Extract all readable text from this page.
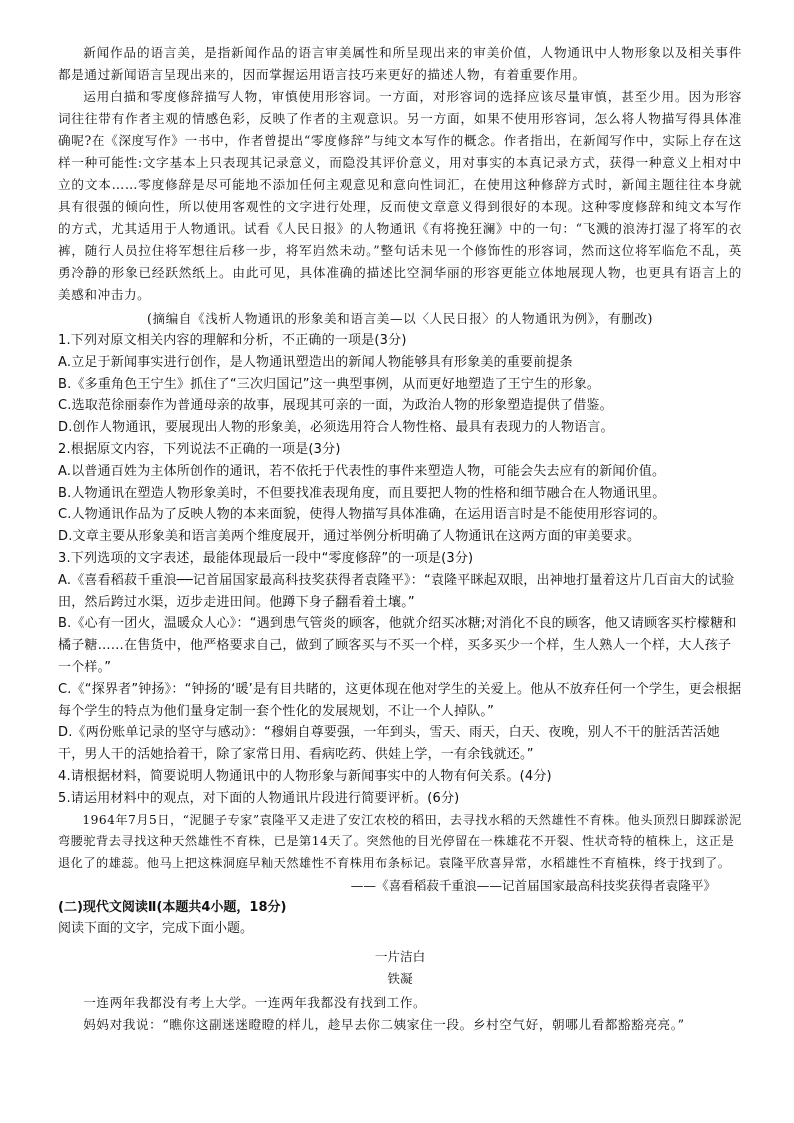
新闻作品的语言美，是指新闻作品的语言审美属性和所呈现出来的审美价值，人物通讯中人物形象以及相关事件都是通过新闻语言呈现出来的，因而掌握运用语言技巧来更好的描述人物，有着重要作用。

运用白描和零度修辞描写人物，审慎使用形容词。一方面，对形容词的选择应该尽量审慎，甚至少用。因为形容词往往带有作者主观的情感色彩，反映了作者的主观意识。另一方面，如果不使用形容词，怎么将人物描写得具体准确呢?在《深度写作》一书中，作者曾提出“零度修辞”与纯文本写作的概念。作者指出，在新闻写作中，实际上存在这样一种可能性:文字基本上只表现其记录意义，而隐没其评价意义，用对事实的本真记录方式，获得一种意义上相对中立的文本……零度修辞是尽可能地不添加任何主观意见和意向性词汇，在使用这种修辞方式时，新闻主题往往本身就具有很强的倾向性，所以使用客观性的文字进行处理，反而使文章意义得到很好的本现。这种零度修辞和纯文本写作的方式，尤其适用于人物通讯。试看《人民日报》的人物通讯《有将挽狂澜》中的一句：“飞溅的浪涛打湿了将军的衣裤，随行人员拉住将军想往后移一步，将军岿然未动。”整句话未见一个修饰性的形容词，然而这位将军临危不乱，英勇冷静的形象已经跃然纸上。由此可见，具体准确的描述比空洞华丽的形容更能立体地展现人物，也更具有语言上的美感和冲击力。

(摘编自《浅析人物通讯的形象美和语言美—以〈人民日报〉的人物通讯为例》，有删改)

1.下列对原文相关内容的理解和分析，不正确的一项是(3分)

A.立足于新闻事实进行创作，是人物通讯塑造出的新闻人物能够具有形象美的重要前提条

B.《多重角色王宁生》抓住了“三次归国记”这一典型事例，从而更好地塑造了王宁生的形象。

C.选取范徐丽泰作为普通母亲的故事，展现其可亲的一面，为政治人物的形象塑造提供了借鉴。

D.创作人物通讯，要展现出人物的形象美，必须选用符合人物性格、最具有表现力的人物语言。

2.根据原文内容，下列说法不正确的一项是(3分)

A.以普通百姓为主体所创作的通讯，若不依托于代表性的事件来塑造人物，可能会失去应有的新闻价值。

B.人物通讯在塑造人物形象美时，不但要找准表现角度，而且要把人物的性格和细节融合在人物通讯里。

C.人物通讯作品为了反映人物的本来面貌，使得人物描写具体准确，在运用语言时是不能使用形容词的。

D.文章主要从形象美和语言美两个维度展开，通过举例分析明确了人物通讯在这两方面的审美要求。

3.下列选项的文字表述，最能体现最后一段中“零度修辞”的一项是(3分)

A.《喜看稻菽千重浪──记首届国家最高科技奖获得者袁隆平》：“袁隆平眯起双眼，出神地打量着这片几百亩大的试验田，然后跨过水渠，迈步走进田间。他蹲下身子翻看着土壤。”

B.《心有一团火，温暖众人心》：“遇到患气管炎的顾客，他就介绍买冰糖;对消化不良的顾客，他又请顾客买柠檬糖和橘子糖……在售货中，他严格要求自己，做到了顾客买与不买一个样，买多买少一个样，生人熟人一个样，大人孩子一个样。”

C.《“探界者”钟扬》：“钟扬的‘暖’是有目共睹的，这更体现在他对学生的关爱上。他从不放弃任何一个学生，更会根据每个学生的特点为他们量身定制一套个性化的发展规划，不让一个人掉队。”

D.《两份账单记录的坚守与感动》：“穆娟自尊要强，一年到头，雪天、雨天，白天、夜晚，别人不干的脏活苦活她干，男人干的活她拾着干，除了家常日用、看病吃药、供娃上学，一有余钱就还。”

4.请根据材料，简要说明人物通讯中的人物形象与新闻事实中的人物有何关系。(4分)

5.请运用材料中的观点，对下面的人物通讯片段进行简要评析。(6分)

1964年7月5日，“泥腿子专家”袁隆平又走进了安江农校的稻田，去寻找水稻的天然雄性不育株。他头顶烈日脚踩淤泥弯腰驼背去寻找这种天然雄性不育株，已是第14天了。突然他的目光停留在一株雄花不开裂、性状奇特的植株上，这正是退化了的雄蕊。他马上把这株洞庭早籼天然雄性不育株用布条标记。袁隆平欣喜异常，水稻雄性不育植株，终于找到了。

——《喜看稻菽千重浪——记首届国家最高科技奖获得者袁隆平》

(二)现代文阅读Ⅱ(本题共4小题，18分)

阅读下面的文字，完成下面小题。

一片洁白

铁凝

一连两年我都没有考上大学。一连两年我都没有找到工作。

妈妈对我说：“瞧你这副迷迷瞪瞪的样儿，趁早去你二姨家住一段。乡村空气好，朝哪儿看都豁豁亮亮。”
